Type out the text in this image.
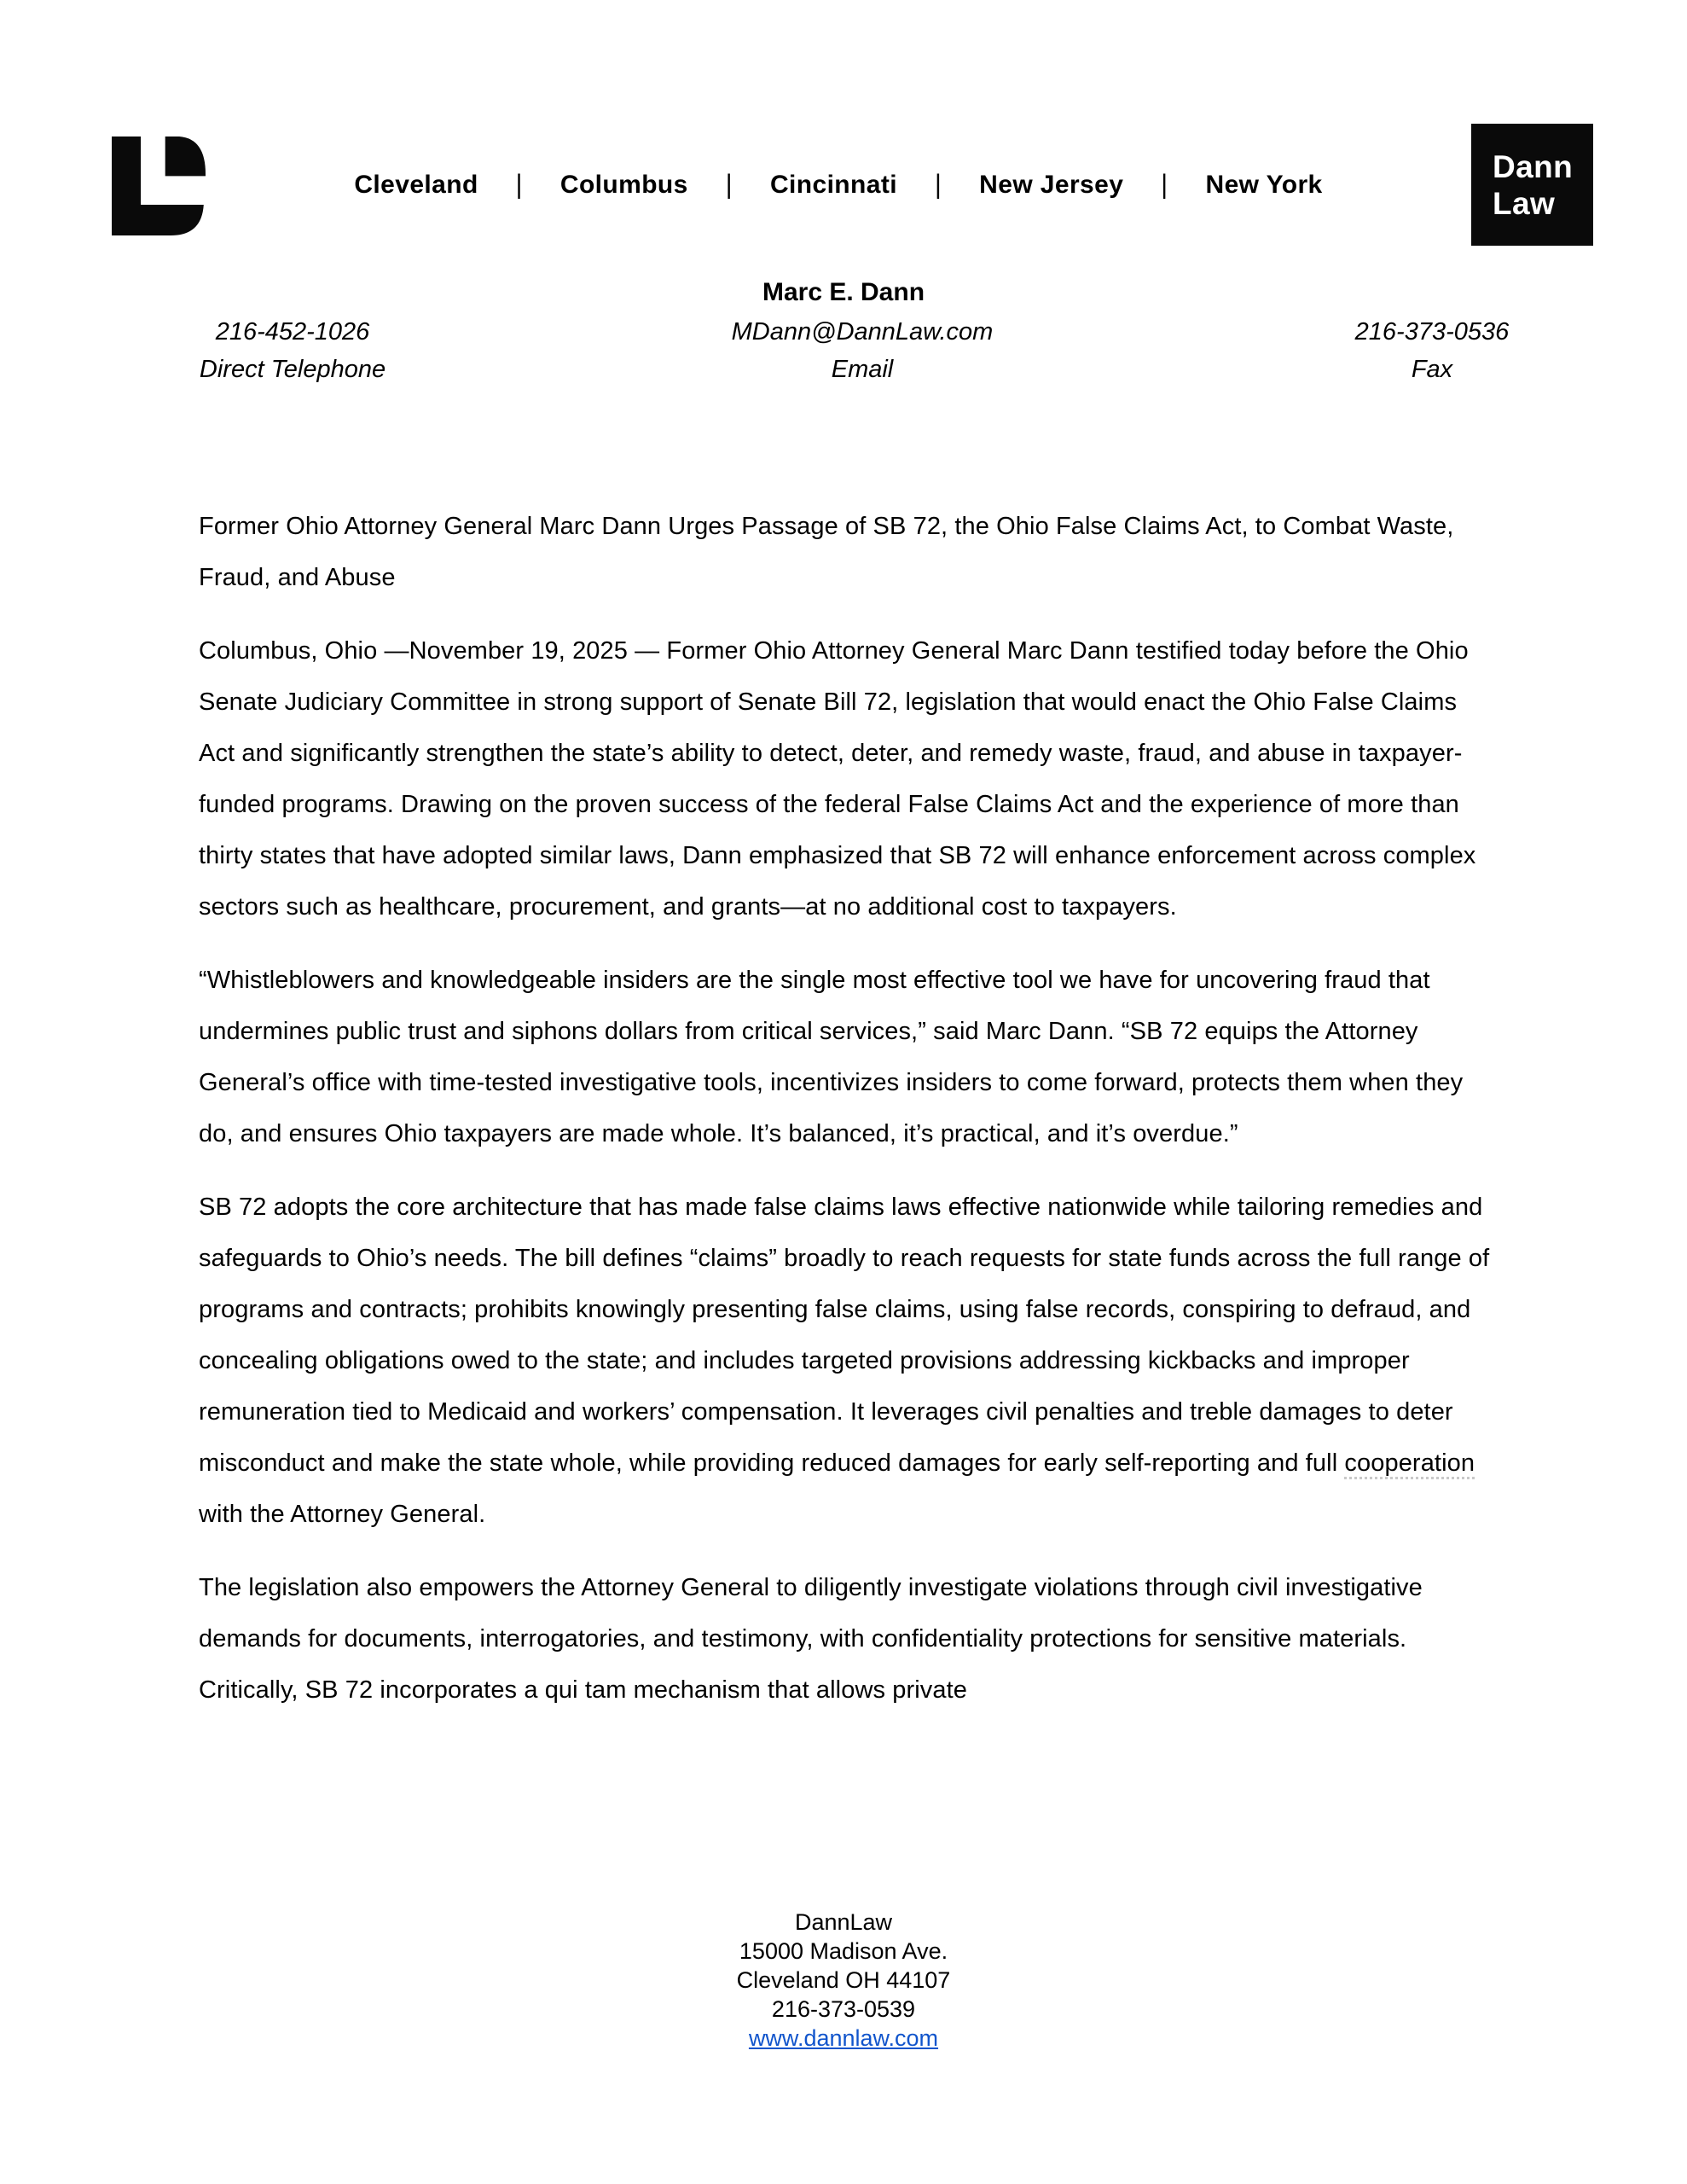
Cleveland | Columbus | Cincinnati | New Jersey | New York
Dann
Law
Marc E. Dann
216-452-1026
Direct Telephone
MDann@DannLaw.com
Email
216-373-0536
Fax

Former Ohio Attorney General Marc Dann Urges Passage of SB 72, the Ohio False Claims Act, to Combat Waste, Fraud, and Abuse

Columbus, Ohio —November 19, 2025 — Former Ohio Attorney General Marc Dann testified today before the Ohio Senate Judiciary Committee in strong support of Senate Bill 72, legislation that would enact the Ohio False Claims Act and significantly strengthen the state’s ability to detect, deter, and remedy waste, fraud, and abuse in taxpayer-funded programs. Drawing on the proven success of the federal False Claims Act and the experience of more than thirty states that have adopted similar laws, Dann emphasized that SB 72 will enhance enforcement across complex sectors such as healthcare, procurement, and grants—at no additional cost to taxpayers.

“Whistleblowers and knowledgeable insiders are the single most effective tool we have for uncovering fraud that undermines public trust and siphons dollars from critical services,” said Marc Dann. “SB 72 equips the Attorney General’s office with time-tested investigative tools, incentivizes insiders to come forward, protects them when they do, and ensures Ohio taxpayers are made whole. It’s balanced, it’s practical, and it’s overdue.”

SB 72 adopts the core architecture that has made false claims laws effective nationwide while tailoring remedies and safeguards to Ohio’s needs. The bill defines “claims” broadly to reach requests for state funds across the full range of programs and contracts; prohibits knowingly presenting false claims, using false records, conspiring to defraud, and concealing obligations owed to the state; and includes targeted provisions addressing kickbacks and improper remuneration tied to Medicaid and workers’ compensation. It leverages civil penalties and treble damages to deter misconduct and make the state whole, while providing reduced damages for early self-reporting and full cooperation with the Attorney General.

The legislation also empowers the Attorney General to diligently investigate violations through civil investigative demands for documents, interrogatories, and testimony, with confidentiality protections for sensitive materials. Critically, SB 72 incorporates a qui tam mechanism that allows private

DannLaw
15000 Madison Ave.
Cleveland OH 44107
216-373-0539
www.dannlaw.com
